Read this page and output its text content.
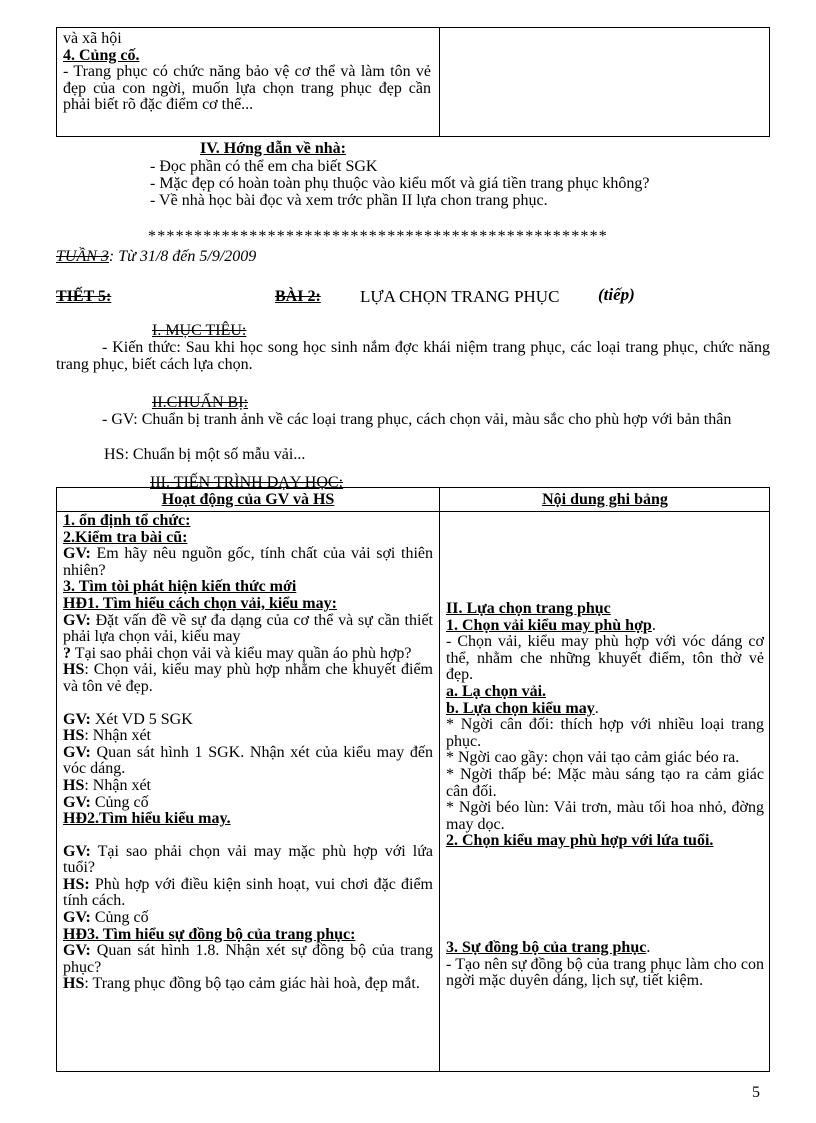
và xã hội
4. Củng cố.
- Trang phục có chức năng bảo vệ cơ thể và làm tôn vẻ đẹp của con ngời, muốn lựa chọn trang phục đẹp cần phải biết rõ đặc điểm cơ thể...
IV. Hớng dẫn về nhà:
- Đọc phần có thể em cha biết SGK
- Mặc đẹp có hoàn toàn phụ thuộc vào kiểu mốt và giá tiền trang phục không?
- Về nhà học bài đọc và xem trớc phần II lựa chon trang phục.
**************************************************
TUẦN 3: Từ 31/8 đến 5/9/2009
TIẾT 5:	BÀI 2: LỰA CHỌN TRANG PHỤC (tiếp)
I. MỤC TIÊU:
- Kiến thức: Sau khi học song học sinh nắm đợc khái niệm trang phục, các loại trang phục, chức năng trang phục, biết cách lựa chọn.
II.CHUẨN BỊ:
- GV: Chuẩn bị tranh ảnh về các loại trang phục, cách chọn vải, màu sắc cho phù hợp với bản thân
HS: Chuẩn bị một số mẫu vải...
III. TIẾN TRÌNH DẠY HỌC:
Hoạt động của GV và HS	Nội dung ghi bảng
1. ổn định tổ chức:
2.Kiểm tra bài cũ:
GV: Em hãy nêu nguồn gốc, tính chất của vải sợi thiên nhiên?
3. Tìm tòi phát hiện kiến thức mới
HĐ1. Tìm hiểu cách chọn vải, kiểu may:
GV: Đặt vấn đề về sự đa dạng của cơ thể và sự cần thiết phải lựa chọn vải, kiểu may
? Tại sao phải chọn vải và kiểu may quần áo phù hợp?
HS: Chọn vải, kiểu may phù hợp nhằm che khuyết điểm và tôn vẻ đẹp.
GV: Xét VD 5 SGK
HS: Nhận xét
GV: Quan sát hình 1 SGK. Nhận xét của kiểu may đến vóc dáng.
HS: Nhận xét
GV: Củng cố
HĐ2.Tìm hiểu kiểu may.
GV: Tại sao phải chọn vải may mặc phù hợp với lứa tuổi?
HS: Phù hợp với điều kiện sinh hoạt, vui chơi đặc điểm tính cách.
GV: Củng cố
HĐ3. Tìm hiểu sự đồng bộ của trang phục:
GV: Quan sát hình 1.8. Nhận xét sự đồng bộ của trang phục?
HS: Trang phục đồng bộ tạo cảm giác hài hoà, đẹp mắt.
II. Lựa chọn trang phục
1. Chọn vải kiểu may phù hợp.
- Chọn vải, kiểu may phù hợp với vóc dáng cơ thể, nhằm che những khuyết điểm, tôn thờ vẻ đẹp.
a. Lạ chọn vải.
b. Lựa chọn kiểu may.
* Ngời cân đối: thích hợp với nhiều loại trang phục.
* Ngời cao gầy: chọn vải tạo cảm giác béo ra.
* Ngời thấp bé: Mặc màu sáng tạo ra cảm giác cân đối.
* Ngời béo lùn: Vải trơn, màu tối hoa nhỏ, đờng may dọc.
2. Chọn kiểu may phù hợp với lứa tuổi.
3. Sự đồng bộ của trang phục.
- Tạo nên sự đồng bộ của trang phục làm cho con ngời mặc duyên dáng, lịch sự, tiết kiệm.
5
